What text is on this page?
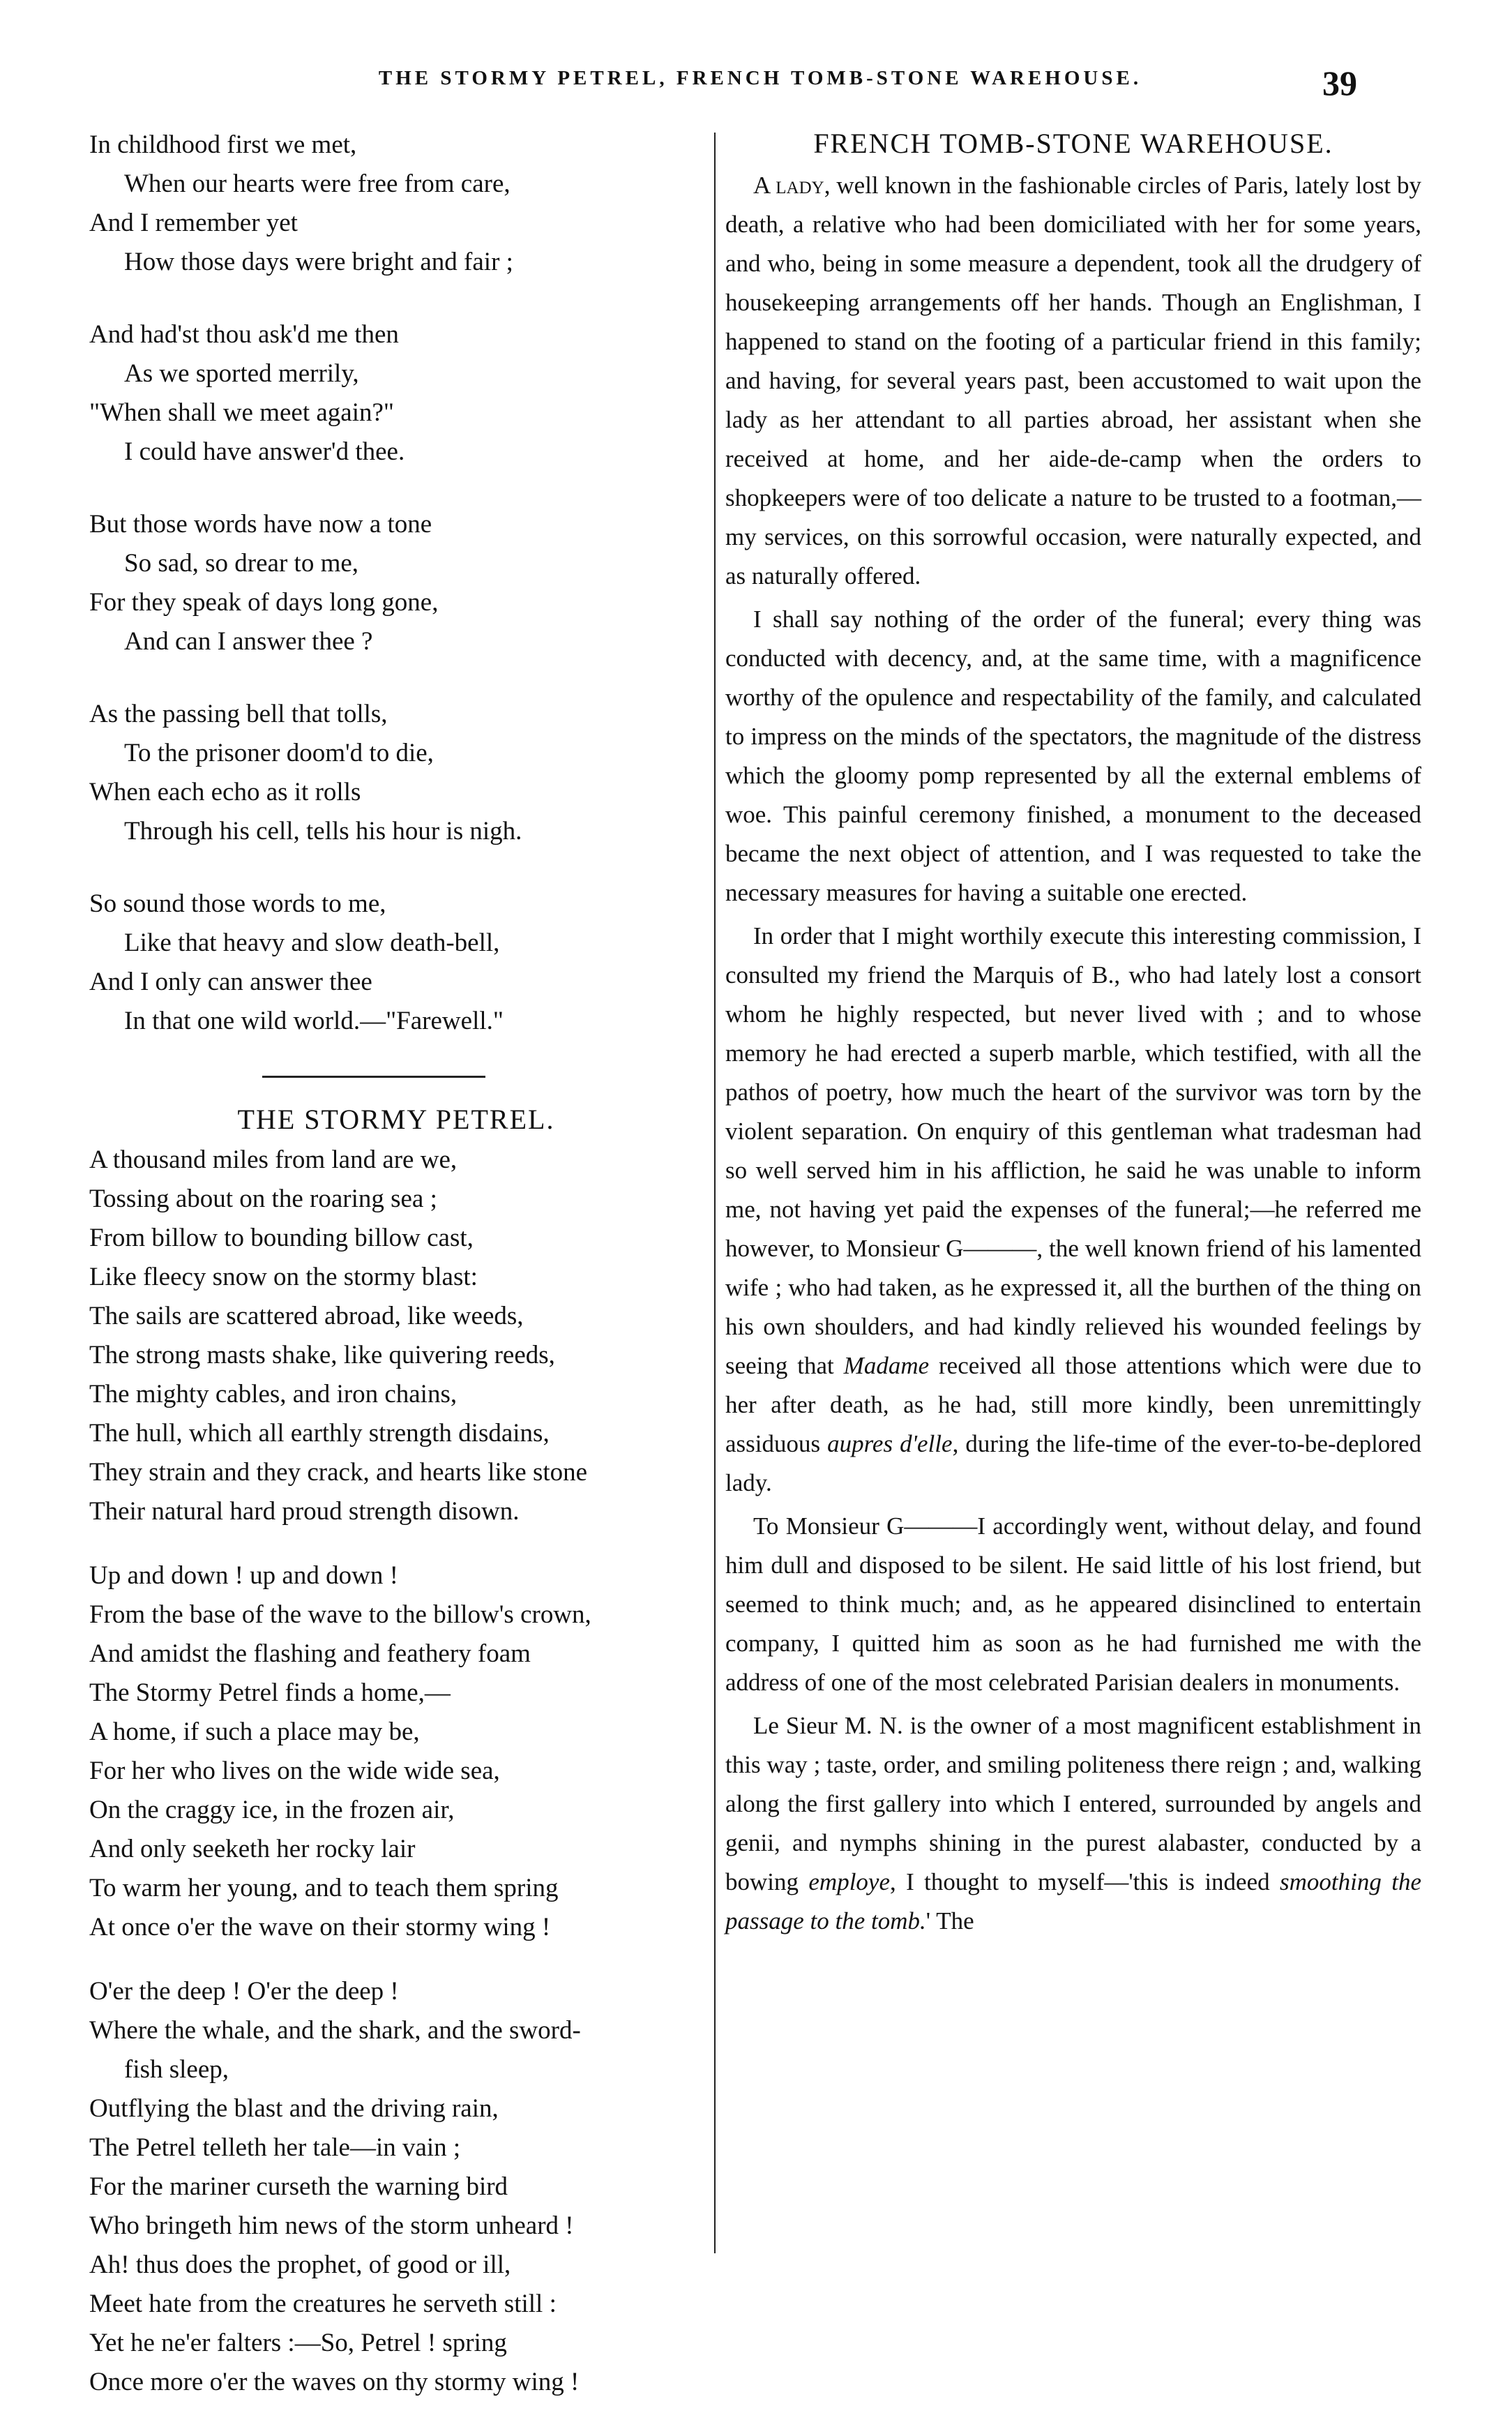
THE STORMY PETREL, FRENCH TOMB-STONE WAREHOUSE.	39
In childhood first we met,
When our hearts were free from care,
And I remember yet
How those days were bright and fair ;
And had'st thou ask'd me then
As we sported merrily,
"When shall we meet again?"
I could have answer'd thee.
But those words have now a tone
So sad, so drear to me,
For they speak of days long gone,
And can I answer thee ?
As the passing bell that tolls,
To the prisoner doom'd to die,
When each echo as it rolls
Through his cell, tells his hour is nigh.
So sound those words to me,
Like that heavy and slow death-bell,
And I only can answer thee
In that one wild world.—"Farewell."
THE STORMY PETREL.
A thousand miles from land are we,
Tossing about on the roaring sea ;
From billow to bounding billow cast,
Like fleecy snow on the stormy blast:
The sails are scattered abroad, like weeds,
The strong masts shake, like quivering reeds,
The mighty cables, and iron chains,
The hull, which all earthly strength disdains,
They strain and they crack, and hearts like stone
Their natural hard proud strength disown.
Up and down ! up and down !
From the base of the wave to the billow's crown,
And amidst the flashing and feathery foam
The Stormy Petrel finds a home,—
A home, if such a place may be,
For her who lives on the wide wide sea,
On the craggy ice, in the frozen air,
And only seeketh her rocky lair
To warm her young, and to teach them spring
At once o'er the wave on their stormy wing !
O'er the deep ! O'er the deep !
Where the whale, and the shark, and the sword-
fish sleep,
Outflying the blast and the driving rain,
The Petrel telleth her tale—in vain ;
For the mariner curseth the warning bird
Who bringeth him news of the storm unheard !
Ah! thus does the prophet, of good or ill,
Meet hate from the creatures he serveth still :
Yet he ne'er falters :—So, Petrel ! spring
Once more o'er the waves on thy stormy wing !
FRENCH TOMB-STONE WAREHOUSE.

A lady, well known in the fashionable circles of Paris, lately lost by death, a relative who had been domiciliated with her for some years, and who, being in some measure a dependent, took all the drudgery of housekeeping arrangements off her hands. Though an Englishman, I happened to stand on the footing of a particular friend in this family; and having, for several years past, been accustomed to wait upon the lady as her attendant to all parties abroad, her assistant when she received at home, and her aide-de-camp when the orders to shopkeepers were of too delicate a nature to be trusted to a footman,—my services, on this sorrowful occasion, were naturally expected, and as naturally offered.

I shall say nothing of the order of the funeral; every thing was conducted with decency, and, at the same time, with a magnificence worthy of the opulence and respectability of the family, and calculated to impress on the minds of the spectators, the magnitude of the distress which the gloomy pomp represented by all the external emblems of woe. This painful ceremony finished, a monument to the deceased became the next object of attention, and I was requested to take the necessary measures for having a suitable one erected.

In order that I might worthily execute this interesting commission, I consulted my friend the Marquis of B., who had lately lost a consort whom he highly respected, but never lived with ; and to whose memory he had erected a superb marble, which testified, with all the pathos of poetry, how much the heart of the survivor was torn by the violent separation. On enquiry of this gentleman what tradesman had so well served him in his affliction, he said he was unable to inform me, not having yet paid the expenses of the funeral;—he referred me however, to Monsieur G———, the well known friend of his lamented wife ; who had taken, as he expressed it, all the burthen of the thing on his own shoulders, and had kindly relieved his wounded feelings by seeing that Madame received all those attentions which were due to her after death, as he had, still more kindly, been unremittingly assiduous aupres d'elle, during the life-time of the ever-to-be-deplored lady.

To Monsieur G———I accordingly went, without delay, and found him dull and disposed to be silent. He said little of his lost friend, but seemed to think much; and, as he appeared disinclined to entertain company, I quitted him as soon as he had furnished me with the address of one of the most celebrated Parisian dealers in monuments.

Le Sieur M. N. is the owner of a most magnificent establishment in this way ; taste, order, and smiling politeness there reign ; and, walking along the first gallery into which I entered, surrounded by angels and genii, and nymphs shining in the purest alabaster, conducted by a bowing employe, I thought to myself—'this is indeed smoothing the passage to the tomb.' The
